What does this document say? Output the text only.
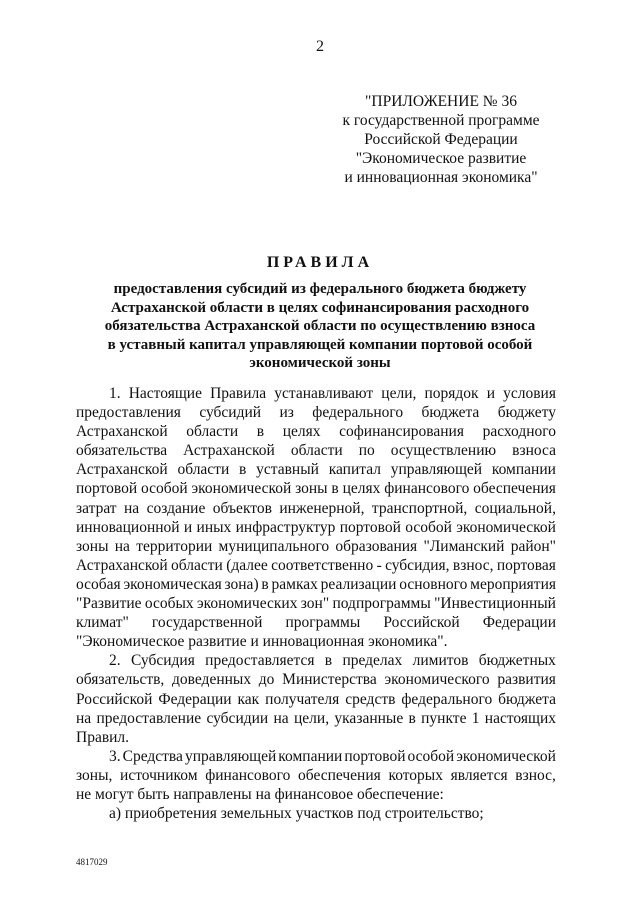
2
"ПРИЛОЖЕНИЕ № 36
к государственной программе
Российской Федерации
"Экономическое развитие
и инновационная экономика"
ПРАВИЛА
предоставления субсидий из федерального бюджета бюджету
Астраханской области в целях софинансирования расходного
обязательства Астраханской области по осуществлению взноса
в уставный капитал управляющей компании портовой особой
экономической зоны
1. Настоящие Правила устанавливают цели, порядок и условия
предоставления субсидий из федерального бюджета бюджету
Астраханской области в целях софинансирования расходного
обязательства Астраханской области по осуществлению взноса
Астраханской области в уставный капитал управляющей компании
портовой особой экономической зоны в целях финансового обеспечения
затрат на создание объектов инженерной, транспортной, социальной,
инновационной и иных инфраструктур портовой особой экономической
зоны на территории муниципального образования "Лиманский район"
Астраханской области (далее соответственно - субсидия, взнос, портовая
особая экономическая зона) в рамках реализации основного мероприятия
"Развитие особых экономических зон" подпрограммы "Инвестиционный
климат" государственной программы Российской Федерации
"Экономическое развитие и инновационная экономика".
2. Субсидия предоставляется в пределах лимитов бюджетных
обязательств, доведенных до Министерства экономического развития
Российской Федерации как получателя средств федерального бюджета
на предоставление субсидии на цели, указанные в пункте 1 настоящих
Правил.
3. Средства управляющей компании портовой особой экономической
зоны, источником финансового обеспечения которых является взнос,
не могут быть направлены на финансовое обеспечение:
а) приобретения земельных участков под строительство;
4817029
